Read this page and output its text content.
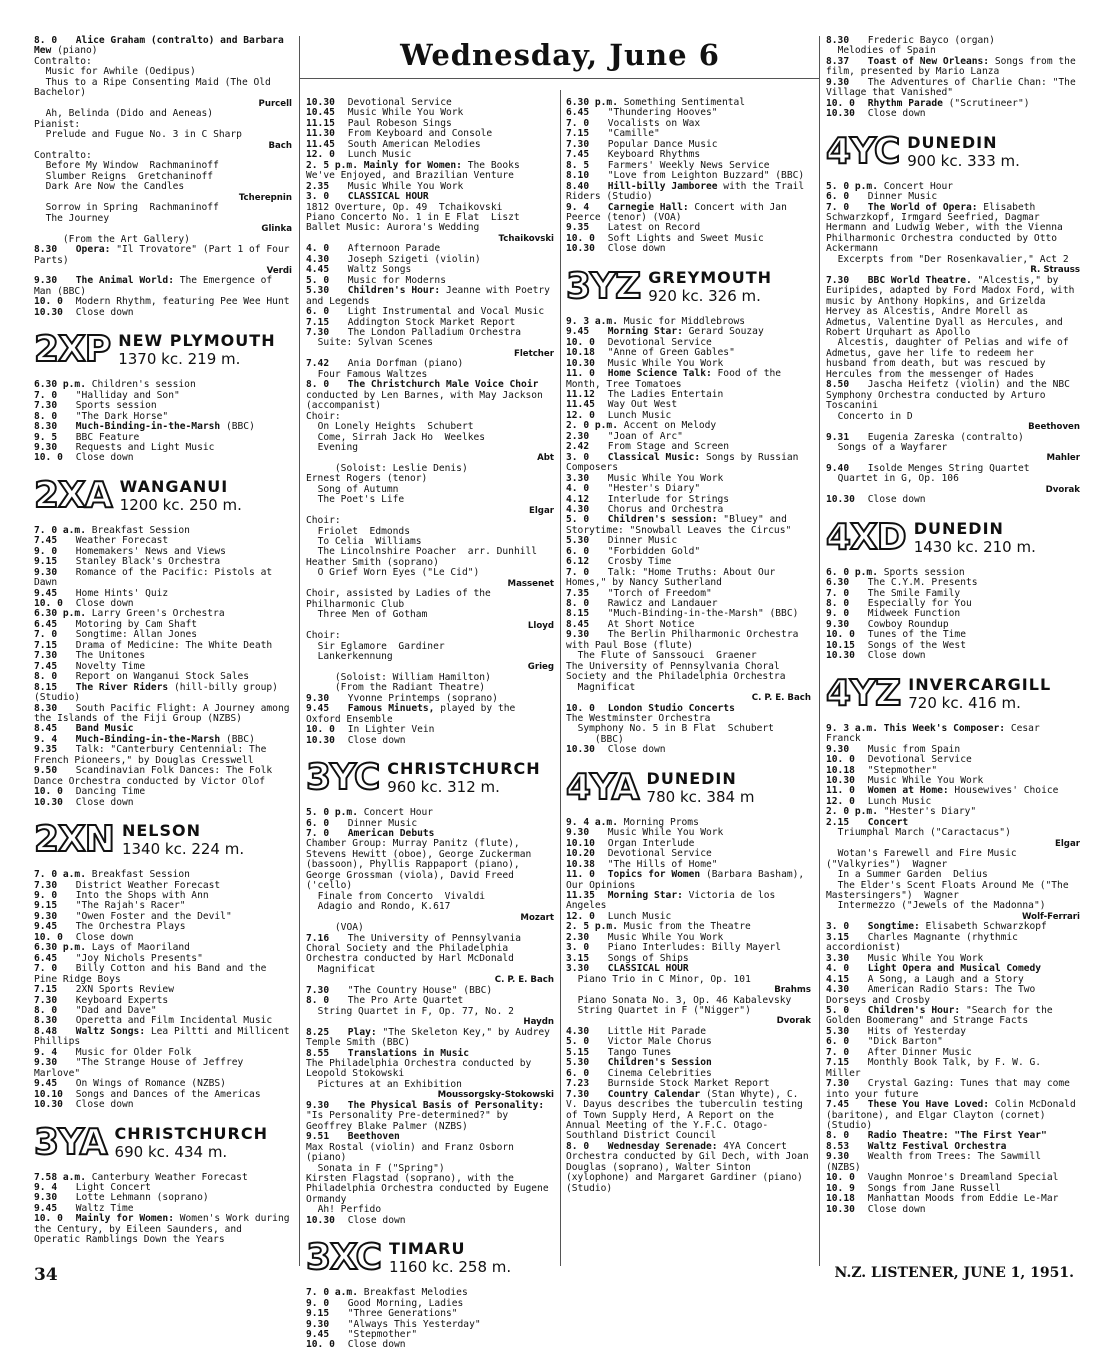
Wednesday, June 6
8. 0 Alice Graham (contralto) and Barbara Mew (piano)
Contralto:
Music for Awhile (Oedipus)
Thus to a Ripe Consenting Maid (The Old Bachelor)
Purcell
Ah, Belinda (Dido and Aeneas)
Pianist:
Prelude and Fugue No. 3 in C Sharp
Bach
Contralto:
Before My Window  Rachmaninoff
Slumber Reigns  Gretchaninoff
Dark Are Now the Candles
Tcherepnin
Sorrow in Spring  Rachmaninoff
The Journey
Glinka
(From the Art Gallery)
8.30 Opera: "Il Trovatore" (Part 1 of Four Parts)
Verdi
9.30 The Animal World: The Emergence of Man (BBC)
10. 0 Modern Rhythm, featuring Pee Wee Hunt
10.30 Close down
2XP NEW PLYMOUTH
1370 kc. 219 m.
6.30 p.m. Children's session
7. 0 "Halliday and Son"
7.30 Sports session
8. 0 "The Dark Horse"
8.30 Much-Binding-in-the-Marsh (BBC)
9. 5 BBC Feature
9.30 Requests and Light Music
10. 0 Close down
2XA WANGANUI
1200 kc. 250 m.
7. 0 a.m. Breakfast Session
7.45 Weather Forecast
9. 0 Homemakers' News and Views
9.15 Stanley Black's Orchestra
9.30 Romance of the Pacific: Pistols at Dawn
9.45 Home Hints' Quiz
10. 0 Close down
6.30 p.m. Larry Green's Orchestra
6.45 Motoring by Cam Shaft
7. 0 Songtime: Allan Jones
7.15 Drama of Medicine: The White Death
7.30 The Unitones
7.45 Novelty Time
8. 0 Report on Wanganui Stock Sales
8.15 The River Riders (hill-billy group) (Studio)
8.30 South Pacific Flight: A Journey among the Islands of the Fiji Group (NZBS)
8.45 Band Music
9. 4 Much-Binding-in-the-Marsh (BBC)
9.35 Talk: "Canterbury Centennial: The French Pioneers," by Douglas Cresswell
9.50 Scandinavian Folk Dances: The Folk Dance Orchestra conducted by Victor Olof
10. 0 Dancing Time
10.30 Close down
2XN NELSON
1340 kc. 224 m.
7. 0 a.m. Breakfast Session
7.30 District Weather Forecast
9. 0 Into the Shops with Ann
9.15 "The Rajah's Racer"
9.30 "Owen Foster and the Devil"
9.45 The Orchestra Plays
10. 0 Close down
6.30 p.m. Lays of Maoriland
6.45 "Joy Nichols Presents"
7. 0 Billy Cotton and his Band and the Pine Ridge Boys
7.15 2XN Sports Review
7.30 Keyboard Experts
8. 0 "Dad and Dave"
8.30 Operetta and Film Incidental Music
8.48 Waltz Songs: Lea Piltti and Millicent Phillips
9. 4 Music for Older Folk
9.30 "The Strange House of Jeffrey Marlove"
9.45 On Wings of Romance (NZBS)
10.10 Songs and Dances of the Americas
10.30 Close down
3YA CHRISTCHURCH
690 kc. 434 m.
7.58 a.m. Canterbury Weather Forecast
9. 4 Light Concert
9.30 Lotte Lehmann (soprano)
9.45 Waltz Time
10. 0 Mainly for Women: Women's Work during the Century, by Eileen Saunders, and Operatic Ramblings Down the Years
10.30 Devotional Service
10.45 Music While You Work
11.15 Paul Robeson Sings
11.30 From Keyboard and Console
11.45 South American Melodies
12. 0 Lunch Music
2. 5 p.m. Mainly for Women: The Books We've Enjoyed, and Brazilian Venture
2.35 Music While You Work
3. 0 CLASSICAL HOUR
1812 Overture, Op. 49  Tchaikovski
Piano Concerto No. 1 in E Flat  Liszt
Ballet Music: Aurora's Wedding
Tchaikovski
4. 0 Afternoon Parade
4.30 Joseph Szigeti (violin)
4.45 Waltz Songs
5. 0 Music for Moderns
5.30 Children's Hour: Jeanne with Poetry and Legends
6. 0 Light Instrumental and Vocal Music
7.15 Addington Stock Market Report
7.30 The London Palladium Orchestra
Suite: Sylvan Scenes
Fletcher
7.42 Ania Dorfman (piano)
Four Famous Waltzes
8. 0 The Christchurch Male Voice Choir conducted by Len Barnes, with May Jackson (accompanist)
Choir:
On Lonely Heights  Schubert
Come, Sirrah Jack Ho  Weelkes
Evening
Abt
(Soloist: Leslie Denis)
Ernest Rogers (tenor)
Song of Autumn
The Poet's Life
Elgar
Choir:
Friolet  Edmonds
To Celia  Williams
The Lincolnshire Poacher  arr. Dunhill
Heather Smith (soprano)
O Grief Worn Eyes ("Le Cid")
Massenet
Choir, assisted by Ladies of the Philharmonic Club
Three Men of Gotham
Lloyd
Choir:
Sir Eglamore  Gardiner
Lankerkennung
Grieg
(Soloist: William Hamilton)
(From the Radiant Theatre)
9.30 Yvonne Printemps (soprano)
9.45 Famous Minuets, played by the Oxford Ensemble
10. 0 In Lighter Vein
10.30 Close down
3YC CHRISTCHURCH
960 kc. 312 m.
5. 0 p.m. Concert Hour
6. 0 Dinner Music
7. 0 American Debuts
Chamber Group: Murray Panitz (flute), Stevens Hewitt (oboe), George Zuckerman (bassoon), Phyllis Rappaport (piano), George Grossman (viola), David Freed ('cello)
Finale from Concerto  Vivaldi
Adagio and Rondo, K.617
Mozart
(VOA)
7.16 The University of Pennsylvania Choral Society and the Philadelphia Orchestra conducted by Harl McDonald
Magnificat
C. P. E. Bach
7.30 "The Country House" (BBC)
8. 0 The Pro Arte Quartet
String Quartet in F, Op. 77, No. 2
Haydn
8.25 Play: "The Skeleton Key," by Audrey Temple Smith (BBC)
8.55 Translations in Music
The Philadelphia Orchestra conducted by Leopold Stokowski
Pictures at an Exhibition
Moussorgsky-Stokowski
9.30 The Physical Basis of Personality: "Is Personality Pre-determined?" by Geoffrey Blake Palmer (NZBS)
9.51 Beethoven
Max Rostal (violin) and Franz Osborn (piano)
Sonata in F ("Spring")
Kirsten Flagstad (soprano), with the Philadelphia Orchestra conducted by Eugene Ormandy
Ah! Perfido
10.30 Close down
3XC TIMARU
1160 kc. 258 m.
7. 0 a.m. Breakfast Melodies
9. 0 Good Morning, Ladies
9.15 "Three Generations"
9.30 "Always This Yesterday"
9.45 "Stepmother"
10. 0 Close down
6.30 p.m. Something Sentimental
6.45 "Thundering Hooves"
7. 0 Vocalists on Wax
7.15 "Camille"
7.30 Popular Dance Music
7.45 Keyboard Rhythms
8. 5 Farmers' Weekly News Service
8.10 "Love from Leighton Buzzard" (BBC)
8.40 Hill-billy Jamboree with the Trail Riders (Studio)
9. 4 Carnegie Hall: Concert with Jan Peerce (tenor) (VOA)
9.35 Latest on Record
10. 0 Soft Lights and Sweet Music
10.30 Close down
3YZ GREYMOUTH
920 kc. 326 m.
9. 3 a.m. Music for Middlebrows
9.45 Morning Star: Gerard Souzay
10. 0 Devotional Service
10.18 "Anne of Green Gables"
10.30 Music While You Work
11. 0 Home Science Talk: Food of the Month, Tree Tomatoes
11.12 The Ladies Entertain
11.45 Way Out West
12. 0 Lunch Music
2. 0 p.m. Accent on Melody
2.30 "Joan of Arc"
2.42 From Stage and Screen
3. 0 Classical Music: Songs by Russian Composers
3.30 Music While You Work
4. 0 "Hester's Diary"
4.12 Interlude for Strings
4.30 Chorus and Orchestra
5. 0 Children's session: "Bluey" and Storytime: "Snowball Leaves the Circus"
5.30 Dinner Music
6. 0 "Forbidden Gold"
6.12 Crosby Time
7. 0 Talk: "Home Truths: About Our Homes," by Nancy Sutherland
7.35 "Torch of Freedom"
8. 0 Rawicz and Landauer
8.15 "Much-Binding-in-the-Marsh" (BBC)
8.45 At Short Notice
9.30 The Berlin Philharmonic Orchestra with Paul Bose (flute)
The Flute of Sanssouci  Graener
The University of Pennsylvania Choral Society and the Philadelphia Orchestra
Magnificat
C. P. E. Bach
10. 0 London Studio Concerts
The Westminster Orchestra
Symphony No. 5 in B Flat  Schubert
(BBC)
10.30 Close down
4YA DUNEDIN
780 kc. 384 m
9. 4 a.m. Morning Proms
9.30 Music While You Work
10.10 Organ Interlude
10.20 Devotional Service
10.38 "The Hills of Home"
11. 0 Topics for Women (Barbara Basham), Our Opinions
11.35 Morning Star: Victoria de los Angeles
12. 0 Lunch Music
2. 5 p.m. Music from the Theatre
2.30 Music While You Work
3. 0 Piano Interludes: Billy Mayerl
3.15 Songs of Ships
3.30 CLASSICAL HOUR
Piano Trio in C Minor, Op. 101
Brahms
Piano Sonata No. 3, Op. 46 Kabalevsky
String Quartet in F ("Nigger")
Dvorak
4.30 Little Hit Parade
5. 0 Victor Male Chorus
5.15 Tango Tunes
5.30 Children's Session
6. 0 Cinema Celebrities
7.23 Burnside Stock Market Report
7.30 Country Calendar (Stan Whyte), C. V. Dayus describes the tuberculin testing of Town Supply Herd, A Report on the Annual Meeting of the Y.F.C. Otago-Southland District Council
8. 0 Wednesday Serenade: 4YA Concert Orchestra conducted by Gil Dech, with Joan Douglas (soprano), Walter Sinton (xylophone) and Margaret Gardiner (piano) (Studio)
8.30 Frederic Bayco (organ)
Melodies of Spain
8.37 Toast of New Orleans: Songs from the film, presented by Mario Lanza
9.30 The Adventures of Charlie Chan: "The Village that Vanished"
10. 0 Rhythm Parade ("Scrutineer")
10.30 Close down
4YC DUNEDIN
900 kc. 333 m.
5. 0 p.m. Concert Hour
6. 0 Dinner Music
7. 0 The World of Opera: Elisabeth Schwarzkopf, Irmgard Seefried, Dagmar Hermann and Ludwig Weber, with the Vienna Philharmonic Orchestra conducted by Otto Ackermann
Excerpts from "Der Rosenkavalier," Act 2
R. Strauss
7.30 BBC World Theatre. "Alcestis," by Euripides, adapted by Ford Madox Ford, with music by Anthony Hopkins, and Grizelda Hervey as Alcestis, Andre Morell as Admetus, Valentine Dyall as Hercules, and Robert Urquhart as Apollo
Alcestis, daughter of Pelias and wife of Admetus, gave her life to redeem her husband from death, but was rescued by Hercules from the messenger of Hades
8.50 Jascha Heifetz (violin) and the NBC Symphony Orchestra conducted by Arturo Toscanini
Concerto in D
Beethoven
9.31 Eugenia Zareska (contralto)
Songs of a Wayfarer
Mahler
9.40 Isolde Menges String Quartet
Quartet in G, Op. 106
Dvorak
10.30 Close down
4XD DUNEDIN
1430 kc. 210 m.
6. 0 p.m. Sports session
6.30 The C.Y.M. Presents
7. 0 The Smile Family
8. 0 Especially for You
9. 0 Midweek Function
9.30 Cowboy Roundup
10. 0 Tunes of the Time
10.15 Songs of the West
10.30 Close down
4YZ INVERCARGILL
720 kc. 416 m.
9. 3 a.m. This Week's Composer: Cesar Franck
9.30 Music from Spain
10. 0 Devotional Service
10.18 "Stepmother"
10.30 Music While You Work
11. 0 Women at Home: Housewives' Choice
12. 0 Lunch Music
2. 0 p.m. "Hester's Diary"
2.15 Concert
Triumphal March ("Caractacus")
Elgar
Wotan's Farewell and Fire Music ("Valkyries")  Wagner
In a Summer Garden  Delius
The Elder's Scent Floats Around Me ("The Mastersingers")  Wagner
Intermezzo ("Jewels of the Madonna")
Wolf-Ferrari
3. 0 Songtime: Elisabeth Schwarzkopf
3.15 Charles Magnante (rhythmic accordionist)
3.30 Music While You Work
4. 0 Light Opera and Musical Comedy
4.15 A Song, a Laugh and a Story
4.30 American Radio Stars: The Two Dorseys and Crosby
5. 0 Children's Hour: "Search for the Golden Boomerang" and Strange Facts
5.30 Hits of Yesterday
6. 0 "Dick Barton"
7. 0 After Dinner Music
7.15 Monthly Book Talk, by F. W. G. Miller
7.30 Crystal Gazing: Tunes that may come into your future
7.45 These You Have Loved: Colin McDonald (baritone), and Elgar Clayton (cornet) (Studio)
8. 0 Radio Theatre: "The First Year"
8.53 Waltz Festival Orchestra
9.30 Wealth from Trees: The Sawmill (NZBS)
10. 0 Vaughn Monroe's Dreamland Special
10. 9 Songs from Jane Russell
10.18 Manhattan Moods from Eddie Le-Mar
10.30 Close down
34	N.Z. LISTENER, JUNE 1, 1951.
